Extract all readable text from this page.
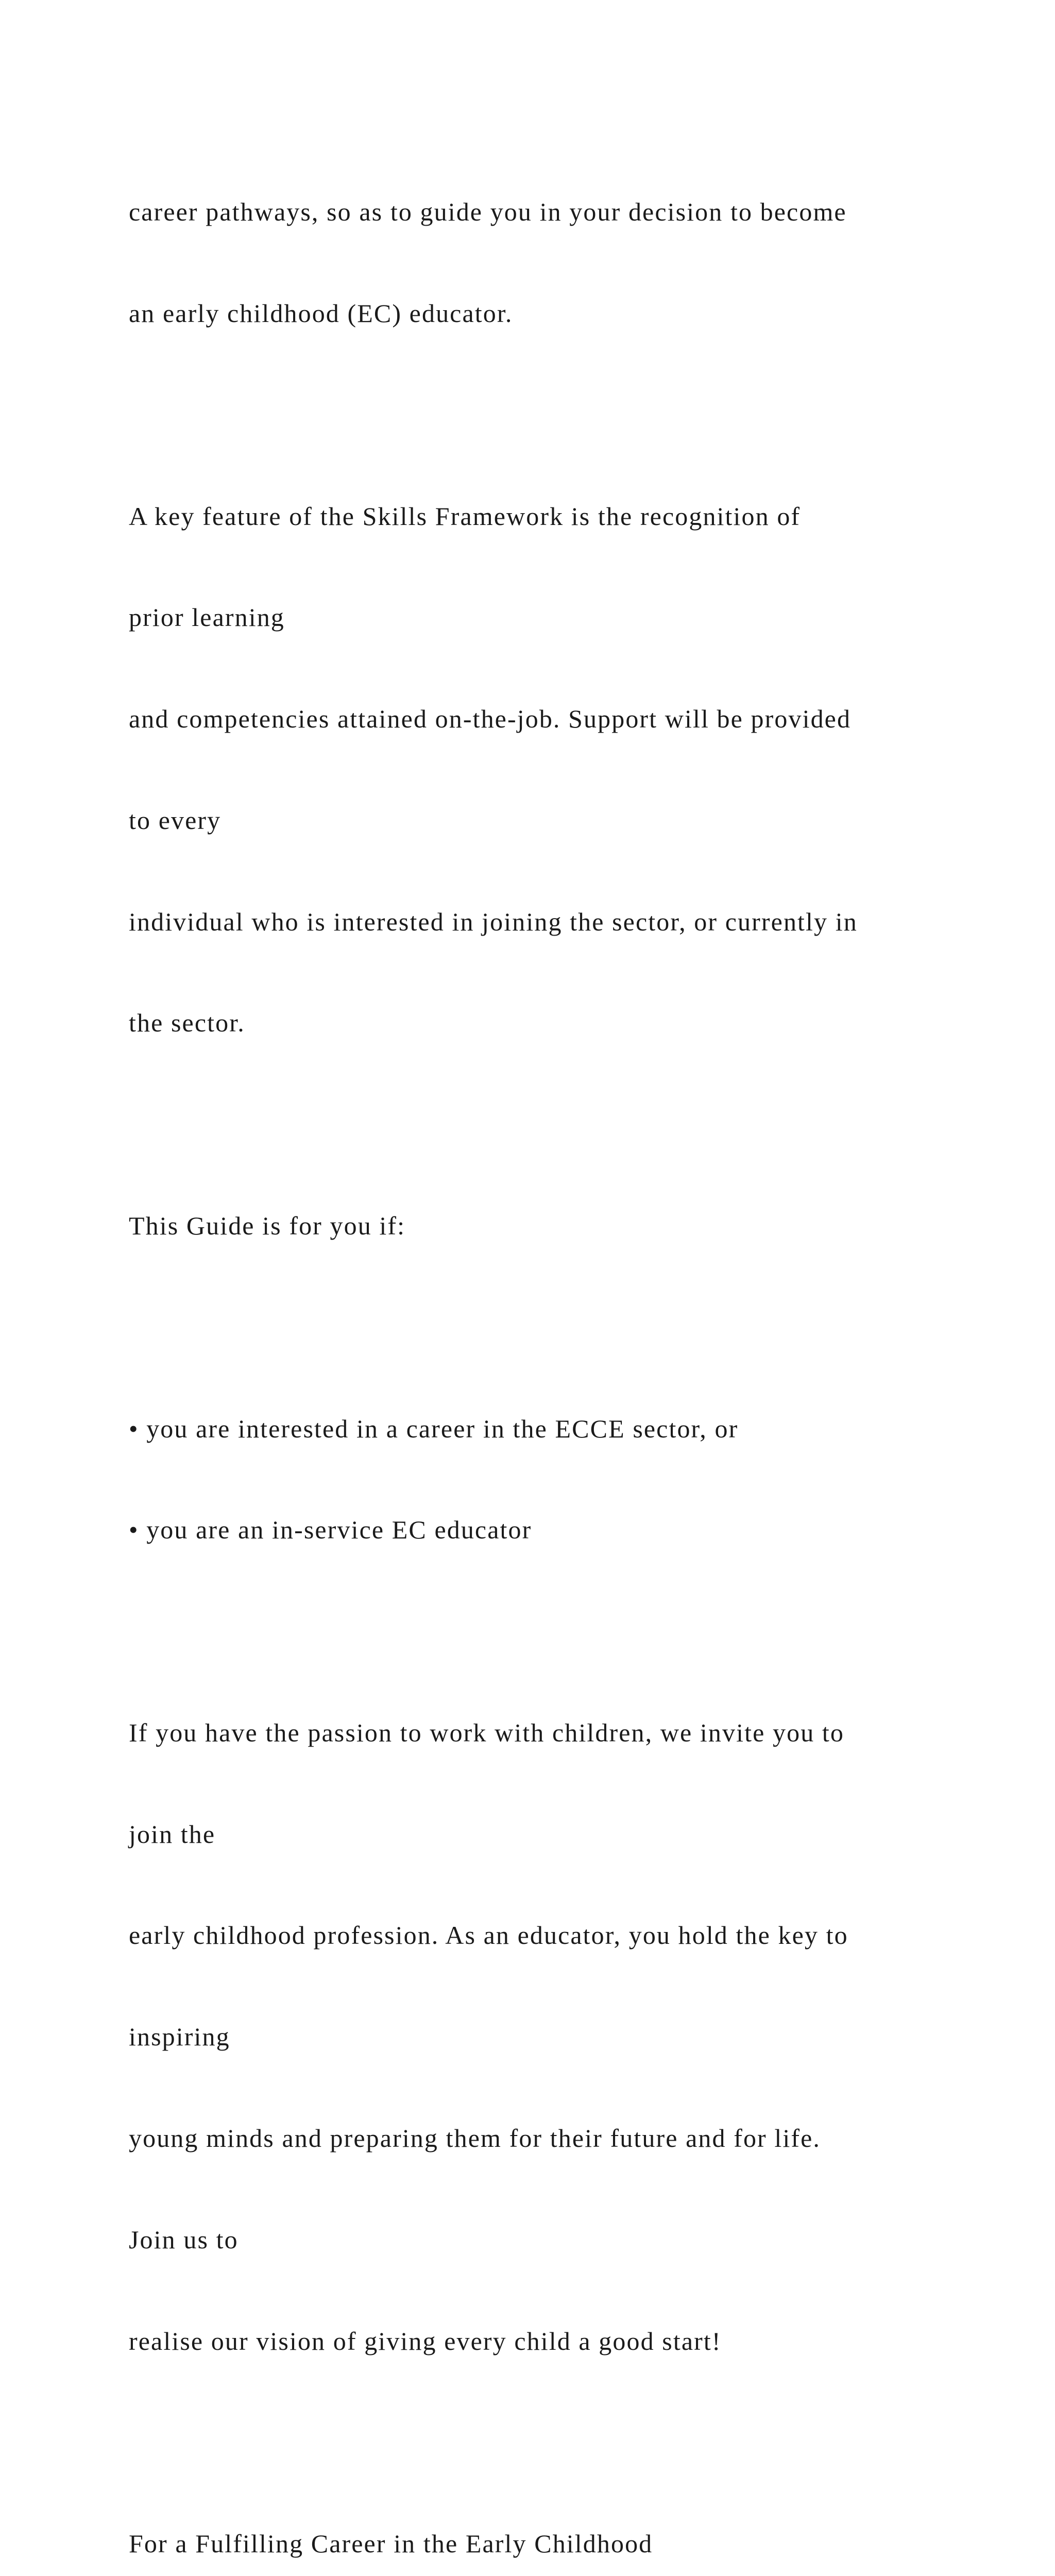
career pathways, so as to guide you in your decision to become

an early childhood (EC) educator.

A key feature of the Skills Framework is the recognition of

prior learning

and competencies attained on-the-job. Support will be provided

to every

individual who is interested in joining the sector, or currently in

the sector.

This Guide is for you if:

• you are interested in a career in the ECCE sector, or

• you are an in-service EC educator

If you have the passion to work with children, we invite you to

join the

early childhood profession. As an educator, you hold the key to

inspiring

young minds and preparing them for their future and for life.

Join us to

realise our vision of giving every child a good start!

For a Fulfilling Career in the Early Childhood
